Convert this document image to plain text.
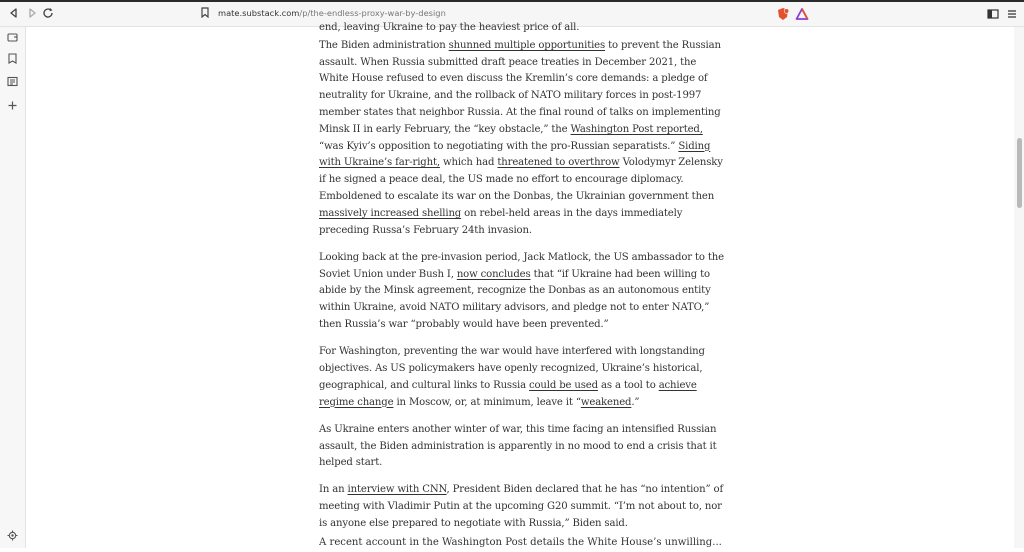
mate.substack.com/p/the-endless-proxy-war-by-design

end, leaving Ukraine to pay the heaviest price of all.

The Biden administration shunned multiple opportunities to prevent the Russian assault. When Russia submitted draft peace treaties in December 2021, the White House refused to even discuss the Kremlin’s core demands: a pledge of neutrality for Ukraine, and the rollback of NATO military forces in post-1997 member states that neighbor Russia. At the final round of talks on implementing Minsk II in early February, the “key obstacle,” the Washington Post reported, “was Kyiv’s opposition to negotiating with the pro-Russian separatists.” Siding with Ukraine’s far-right, which had threatened to overthrow Volodymyr Zelensky if he signed a peace deal, the US made no effort to encourage diplomacy. Emboldened to escalate its war on the Donbas, the Ukrainian government then massively increased shelling on rebel-held areas in the days immediately preceding Russa’s February 24th invasion.

Looking back at the pre-invasion period, Jack Matlock, the US ambassador to the Soviet Union under Bush I, now concludes that “if Ukraine had been willing to abide by the Minsk agreement, recognize the Donbas as an autonomous entity within Ukraine, avoid NATO military advisors, and pledge not to enter NATO,” then Russia’s war “probably would have been prevented.”

For Washington, preventing the war would have interfered with longstanding objectives. As US policymakers have openly recognized, Ukraine’s historical, geographical, and cultural links to Russia could be used as a tool to achieve regime change in Moscow, or, at minimum, leave it “weakened.”

As Ukraine enters another winter of war, this time facing an intensified Russian assault, the Biden administration is apparently in no mood to end a crisis that it helped start.

In an interview with CNN, President Biden declared that he has “no intention” of meeting with Vladimir Putin at the upcoming G20 summit. “I’m not about to, nor is anyone else prepared to negotiate with Russia,” Biden said.

A recent account in the Washington Post details the White House’s unwilling...
